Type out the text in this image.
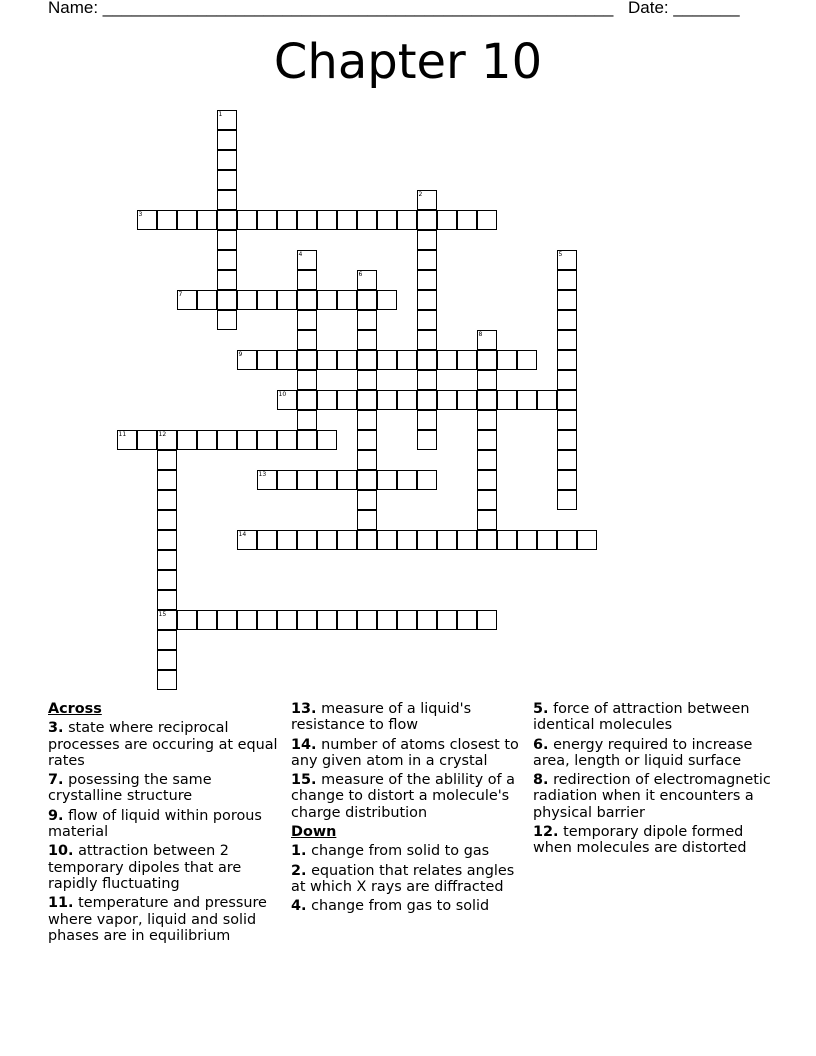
Name: ______________________________________________________ Date: _______
Chapter 10
1
2
3
4	5
6
7
8
9
10
11	12
15
13
14
Across
3. state where reciprocal processes are occuring at equal rates
7. posessing the same crystalline structure
9. flow of liquid within porous material
10. attraction between 2 temporary dipoles that are rapidly fluctuating
11. temperature and pressure where vapor, liquid and solid phases are in equilibrium
13. measure of a liquid's resistance to flow
14. number of atoms closest to any given atom in a crystal
15. measure of the ablility of a change to distort a molecule's charge distribution
Down
1. change from solid to gas
2. equation that relates angles at which X rays are diffracted
4. change from gas to solid
5. force of attraction between identical molecules
6. energy required to increase area, length or liquid surface
8. redirection of electromagnetic radiation when it encounters a physical barrier
12. temporary dipole formed when molecules are distorted
